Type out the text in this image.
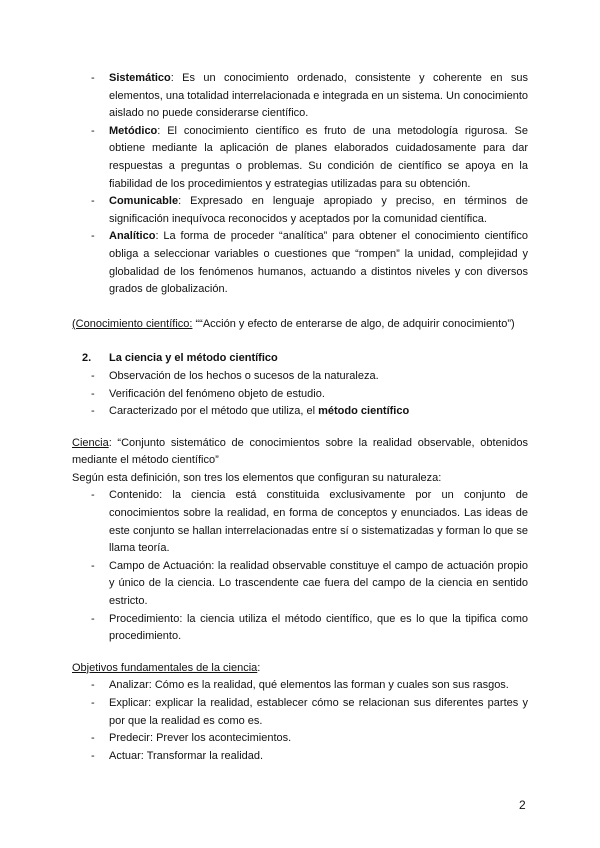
- Sistemático: Es un conocimiento ordenado, consistente y coherente en sus elementos, una totalidad interrelacionada e integrada en un sistema. Un conocimiento aislado no puede considerarse científico.
- Metódico: El conocimiento científico es fruto de una metodología rigurosa. Se obtiene mediante la aplicación de planes elaborados cuidadosamente para dar respuestas a preguntas o problemas. Su condición de científico se apoya en la fiabilidad de los procedimientos y estrategias utilizadas para su obtención.
- Comunicable: Expresado en lenguaje apropiado y preciso, en términos de significación inequívoca reconocidos y aceptados por la comunidad científica.
- Analítico: La forma de proceder “analítica” para obtener el conocimiento científico obliga a seleccionar variables o cuestiones que “rompen” la unidad, complejidad y globalidad de los fenómenos humanos, actuando a distintos niveles y con diversos grados de globalización.

(Conocimiento científico: ““Acción y efecto de enterarse de algo, de adquirir conocimiento”)

2. La ciencia y el método científico
- Observación de los hechos o sucesos de la naturaleza.
- Verificación del fenómeno objeto de estudio.
- Caracterizado por el método que utiliza, el método científico

Ciencia: “Conjunto sistemático de conocimientos sobre la realidad observable, obtenidos mediante el método científico”

Según esta definición, son tres los elementos que configuran su naturaleza:

- Contenido: la ciencia está constituida exclusivamente por un conjunto de conocimientos sobre la realidad, en forma de conceptos y enunciados. Las ideas de este conjunto se hallan interrelacionadas entre sí o sistematizadas y forman lo que se llama teoría.
- Campo de Actuación: la realidad observable constituye el campo de actuación propio y único de la ciencia. Lo trascendente cae fuera del campo de la ciencia en sentido estricto.
- Procedimiento: la ciencia utiliza el método científico, que es lo que la tipifica como procedimiento.

Objetivos fundamentales de la ciencia:

- Analizar: Cómo es la realidad, qué elementos las forman y cuales son sus rasgos.
- Explicar: explicar la realidad, establecer cómo se relacionan sus diferentes partes y por que la realidad es como es.
- Predecir: Prever los acontecimientos.
- Actuar: Transformar la realidad.
2
